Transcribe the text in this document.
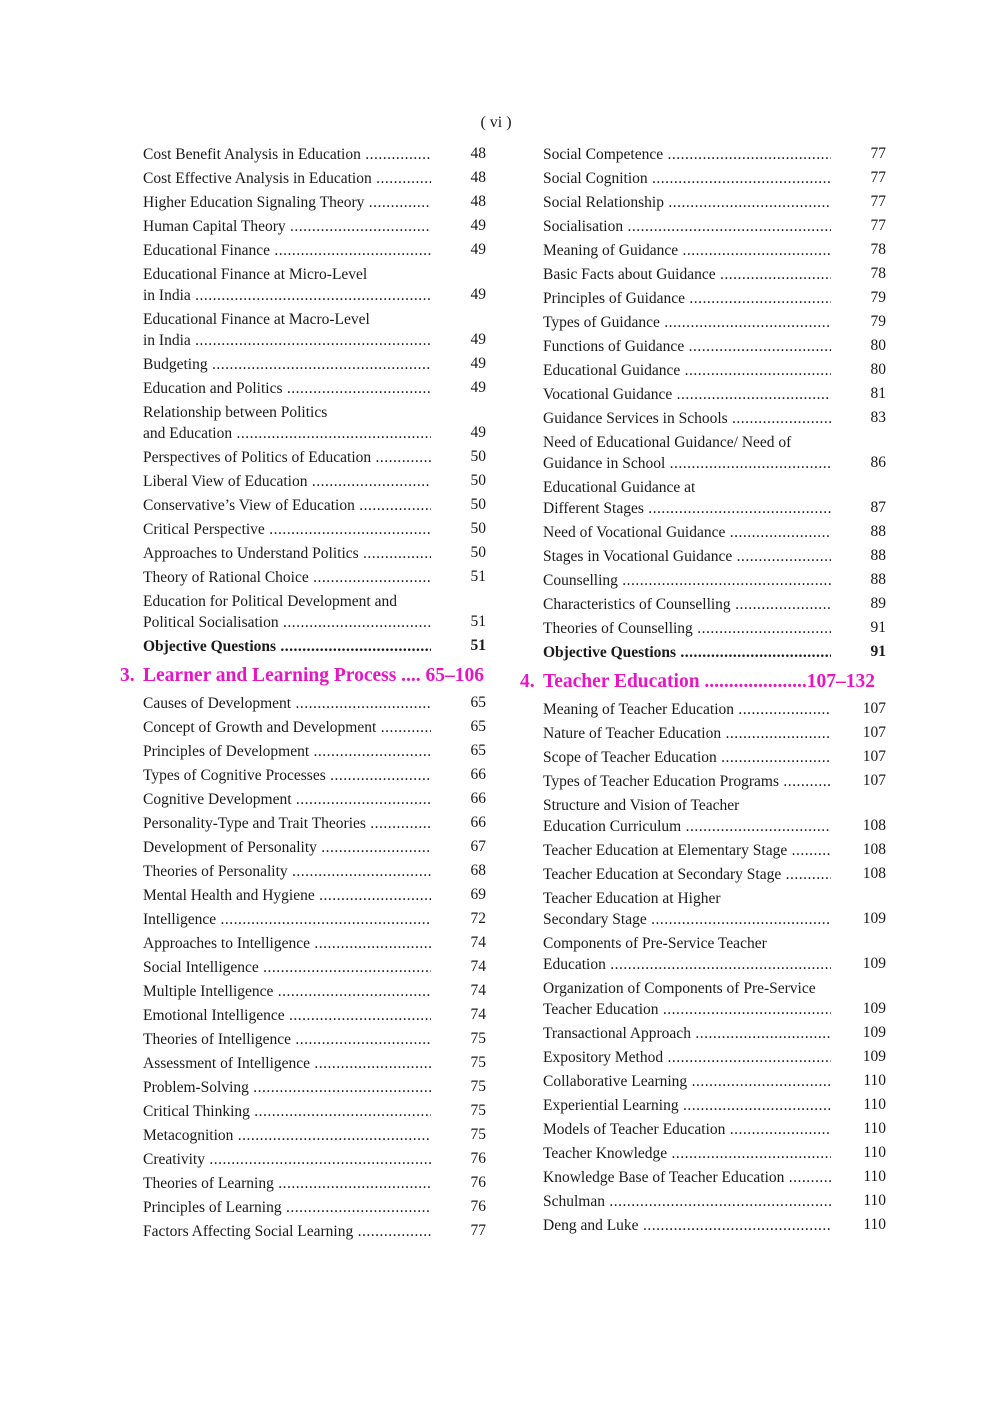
( vi )
Cost Benefit Analysis in Education .....	48
Cost Effective Analysis in Education .....	48
Higher Education Signaling Theory .....	48
Human Capital Theory .....	49
Educational Finance .....	49
Educational Finance at Micro-Level
in India .....	49
Educational Finance at Macro-Level
in India .....	49
Budgeting .....	49
Education and Politics .....	49
Relationship between Politics
and Education .....	49
Perspectives of Politics of Education .....	50
Liberal View of Education .....	50
Conservative’s View of Education .....	50
Critical Perspective .....	50
Approaches to Understand Politics .....	50
Theory of Rational Choice .....	51
Education for Political Development and
Political Socialisation .....	51
Objective Questions .....	51
3. Learner and Learning Process .... 65–106
Causes of Development .....	65
Concept of Growth and Development .....	65
Principles of Development .....	65
Types of Cognitive Processes .....	66
Cognitive Development .....	66
Personality-Type and Trait Theories .....	66
Development of Personality .....	67
Theories of Personality .....	68
Mental Health and Hygiene .....	69
Intelligence .....	72
Approaches to Intelligence .....	74
Social Intelligence .....	74
Multiple Intelligence .....	74
Emotional Intelligence .....	74
Theories of Intelligence .....	75
Assessment of Intelligence .....	75
Problem-Solving .....	75
Critical Thinking .....	75
Metacognition .....	75
Creativity .....	76
Theories of Learning .....	76
Principles of Learning .....	76
Factors Affecting Social Learning .....	77
Social Competence .....	77
Social Cognition .....	77
Social Relationship .....	77
Socialisation .....	77
Meaning of Guidance .....	78
Basic Facts about Guidance .....	78
Principles of Guidance .....	79
Types of Guidance .....	79
Functions of Guidance .....	80
Educational Guidance .....	80
Vocational Guidance .....	81
Guidance Services in Schools .....	83
Need of Educational Guidance/ Need of
Guidance in School .....	86
Educational Guidance at
Different Stages .....	87
Need of Vocational Guidance .....	88
Stages in Vocational Guidance .....	88
Counselling .....	88
Characteristics of Counselling .....	89
Theories of Counselling .....	91
Objective Questions .....	91
4. Teacher Education .....................107–132
Meaning of Teacher Education .....	107
Nature of Teacher Education .....	107
Scope of Teacher Education .....	107
Types of Teacher Education Programs .....	107
Structure and Vision of Teacher
Education Curriculum .....	108
Teacher Education at Elementary Stage .....	108
Teacher Education at Secondary Stage .....	108
Teacher Education at Higher
Secondary Stage .....	109
Components of Pre-Service Teacher
Education .....	109
Organization of Components of Pre-Service
Teacher Education .....	109
Transactional Approach .....	109
Expository Method .....	109
Collaborative Learning .....	110
Experiential Learning .....	110
Models of Teacher Education .....	110
Teacher Knowledge .....	110
Knowledge Base of Teacher Education .....	110
Schulman .....	110
Deng and Luke .....	110
